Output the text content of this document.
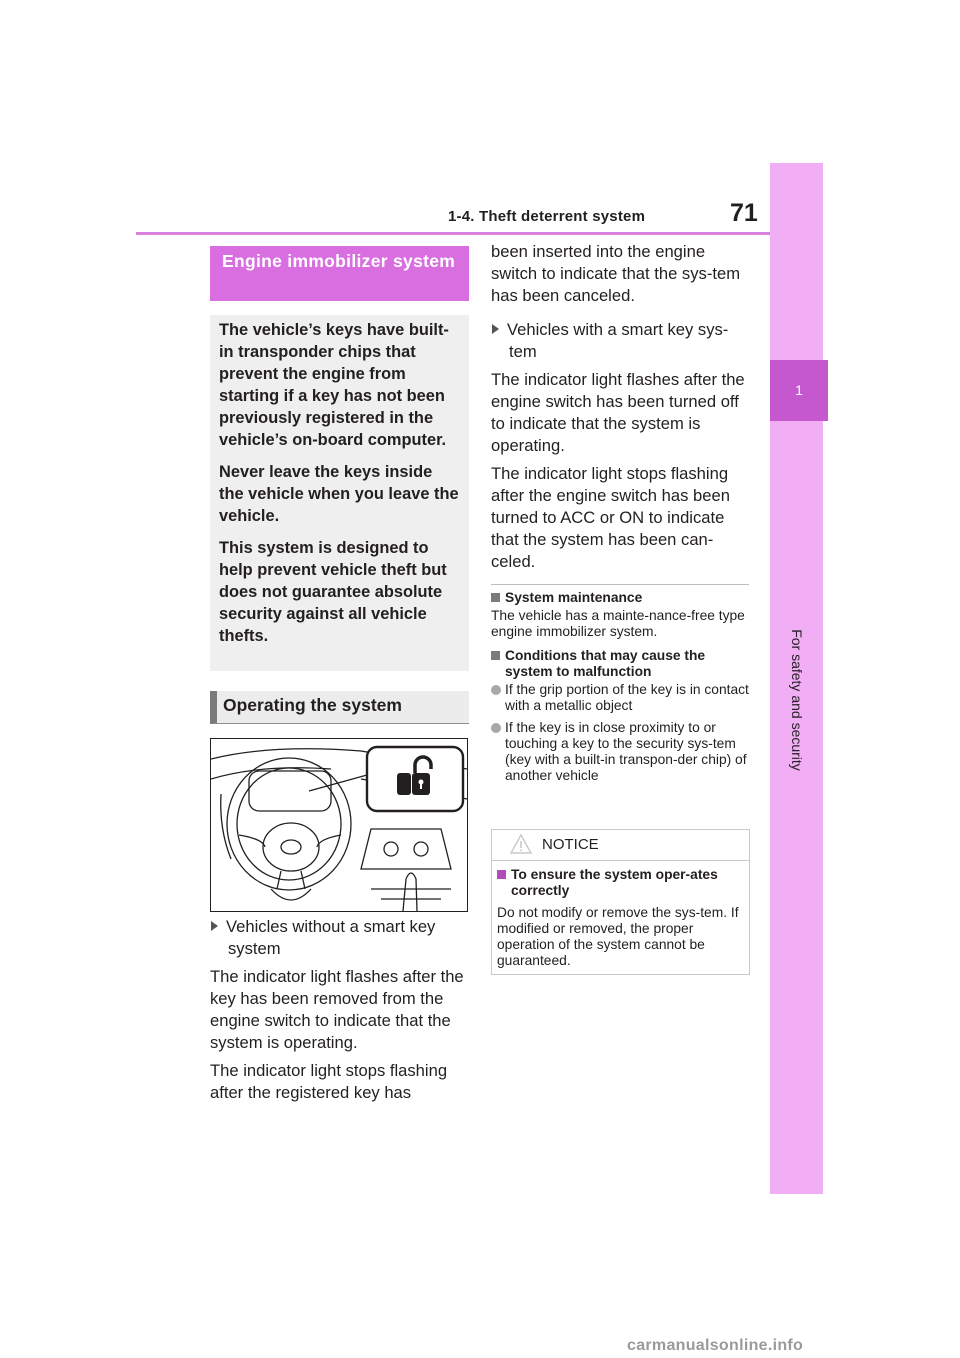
1-4. Theft deterrent system	71
1
For safety and security
Engine immobilizer system

The vehicle’s keys have built-in transponder chips that prevent the engine from starting if a key has not been previously registered in the vehicle’s on-board computer.

Never leave the keys inside the vehicle when you leave the vehicle.

This system is designed to help prevent vehicle theft but does not guarantee absolute security against all vehicle thefts.

Operating the system

Vehicles without a smart key system

The indicator light flashes after the key has been removed from the engine switch to indicate that the system is operating.

The indicator light stops flashing after the registered key has

been inserted into the engine switch to indicate that the sys-tem has been canceled.

Vehicles with a smart key sys-tem

The indicator light flashes after the engine switch has been turned off to indicate that the system is operating.

The indicator light stops flashing after the engine switch has been turned to ACC or ON to indicate that the system has been can-celed.

System maintenance
The vehicle has a mainte-nance-free type engine immobilizer system.
Conditions that may cause the system to malfunction
If the grip portion of the key is in contact with a metallic object
If the key is in close proximity to or touching a key to the security sys-tem (key with a built-in transpon-der chip) of another vehicle
NOTICE
To ensure the system oper-ates correctly
Do not modify or remove the sys-tem. If modified or removed, the proper operation of the system cannot be guaranteed.
carmanualsonline.info
